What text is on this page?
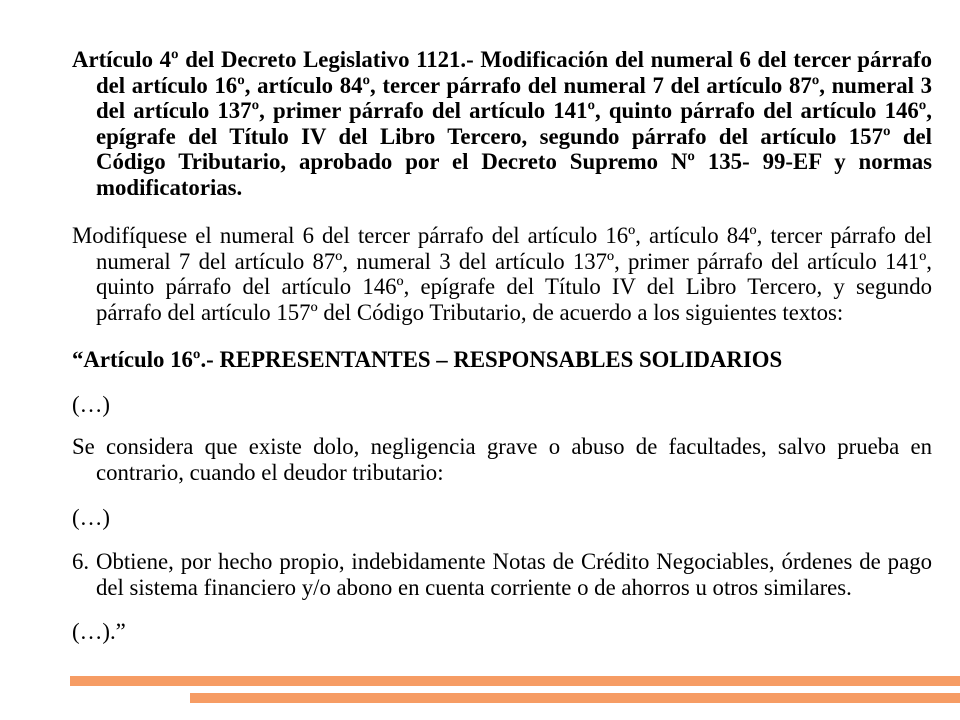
Artículo 4º del Decreto Legislativo 1121.- Modificación del numeral 6 del tercer párrafo
del artículo 16º, artículo 84º, tercer párrafo del numeral 7 del artículo 87º, numeral 3
del artículo 137º, primer párrafo del artículo 141º, quinto párrafo del artículo 146º,
epígrafe del Título IV del Libro Tercero, segundo párrafo del artículo 157º del
Código Tributario, aprobado por el Decreto Supremo Nº 135- 99-EF y normas
modificatorias.
Modifíquese el numeral 6 del tercer párrafo del artículo 16º, artículo 84º, tercer párrafo del
numeral 7 del artículo 87º, numeral 3 del artículo 137º, primer párrafo del artículo 141º,
quinto párrafo del artículo 146º, epígrafe del Título IV del Libro Tercero, y segundo
párrafo del artículo 157º del Código Tributario, de acuerdo a los siguientes textos:
“Artículo 16º.- REPRESENTANTES – RESPONSABLES SOLIDARIOS
(…)
Se considera que existe dolo, negligencia grave o abuso de facultades, salvo prueba en
contrario, cuando el deudor tributario:
(…)
6. Obtiene, por hecho propio, indebidamente Notas de Crédito Negociables, órdenes de pago
del sistema financiero y/o abono en cuenta corriente o de ahorros u otros similares.
(…).”
